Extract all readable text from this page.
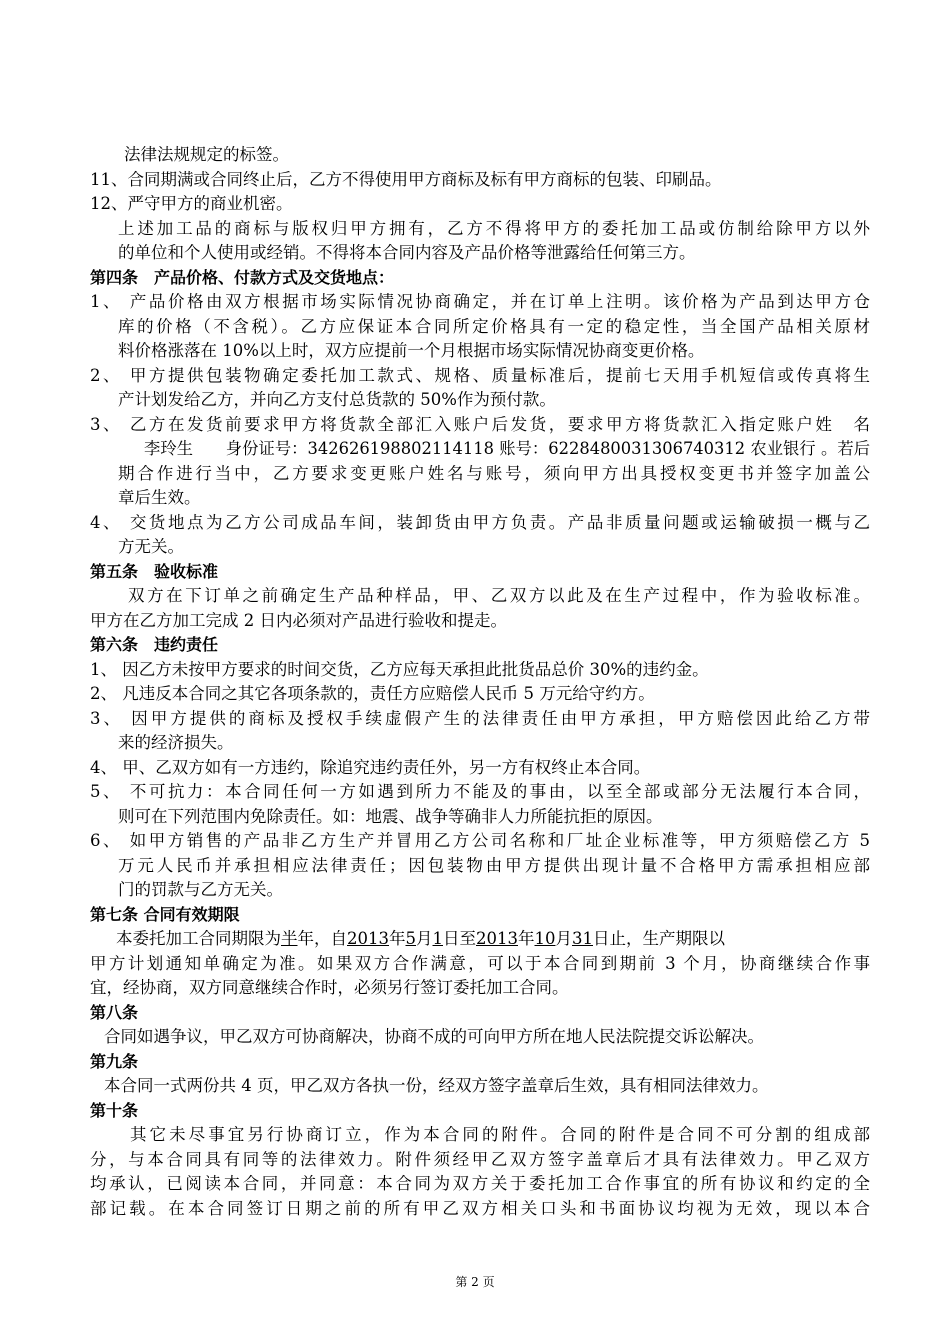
法律法规规定的标签。
11、合同期满或合同终止后，乙方不得使用甲方商标及标有甲方商标的包装、印刷品。
12、严守甲方的商业机密。
上述加工品的商标与版权归甲方拥有，乙方不得将甲方的委托加工品或仿制给除甲方以外
的单位和个人使用或经销。不得将本合同内容及产品价格等泄露给任何第三方。
第四条　产品价格、付款方式及交货地点：
1、 产品价格由双方根据市场实际情况协商确定，并在订单上注明。该价格为产品到达甲方仓
库的价格（不含税）。乙方应保证本合同所定价格具有一定的稳定性，当全国产品相关原材
料价格涨落在 10%以上时，双方应提前一个月根据市场实际情况协商变更价格。
2、 甲方提供包装物确定委托加工款式、规格、质量标准后，提前七天用手机短信或传真将生
产计划发给乙方，并向乙方支付总货款的 50%作为预付款。
3、 乙方在发货前要求甲方将货款全部汇入账户后发货，要求甲方将货款汇入指定账户姓　名
李玲生　　身份证号：342626198802114118 账号：6228480031306740312 农业银行 。若后
期合作进行当中，乙方要求变更账户姓名与账号，须向甲方出具授权变更书并签字加盖公
章后生效。
4、 交货地点为乙方公司成品车间，装卸货由甲方负责。产品非质量问题或运输破损一概与乙
方无关。
第五条　验收标准
双方在下订单之前确定生产品种样品，甲、乙双方以此及在生产过程中，作为验收标准。
甲方在乙方加工完成 2 日内必须对产品进行验收和提走。
第六条　违约责任
1、 因乙方未按甲方要求的时间交货，乙方应每天承担此批货品总价 30%的违约金。
2、 凡违反本合同之其它各项条款的，责任方应赔偿人民币 5 万元给守约方。
3、 因甲方提供的商标及授权手续虚假产生的法律责任由甲方承担，甲方赔偿因此给乙方带
来的经济损失。
4、 甲、乙双方如有一方违约，除追究违约责任外，另一方有权终止本合同。
5、 不可抗力：本合同任何一方如遇到所力不能及的事由，以至全部或部分无法履行本合同，
则可在下列范围内免除责任。如：地震、战争等确非人力所能抗拒的原因。
6、 如甲方销售的产品非乙方生产并冒用乙方公司名称和厂址企业标准等，甲方须赔偿乙方 5
万元人民币并承担相应法律责任；因包装物由甲方提供出现计量不合格甲方需承担相应部
门的罚款与乙方无关。
第七条 合同有效期限
本委托加工合同期限为半年，自2013年5月1日至2013年10月31日止，生产期限以
甲方计划通知单确定为准。如果双方合作满意，可以于本合同到期前 3 个月，协商继续合作事
宜，经协商，双方同意继续合作时，必须另行签订委托加工合同。
第八条
合同如遇争议，甲乙双方可协商解决，协商不成的可向甲方所在地人民法院提交诉讼解决。
第九条
本合同一式两份共 4 页，甲乙双方各执一份，经双方签字盖章后生效，具有相同法律效力。
第十条
其它未尽事宜另行协商订立，作为本合同的附件。合同的附件是合同不可分割的组成部
分，与本合同具有同等的法律效力。附件须经甲乙双方签字盖章后才具有法律效力。甲乙双方
均承认，已阅读本合同，并同意：本合同为双方关于委托加工合作事宜的所有协议和约定的全
部记载。在本合同签订日期之前的所有甲乙双方相关口头和书面协议均视为无效，现以本合
第 2 页
